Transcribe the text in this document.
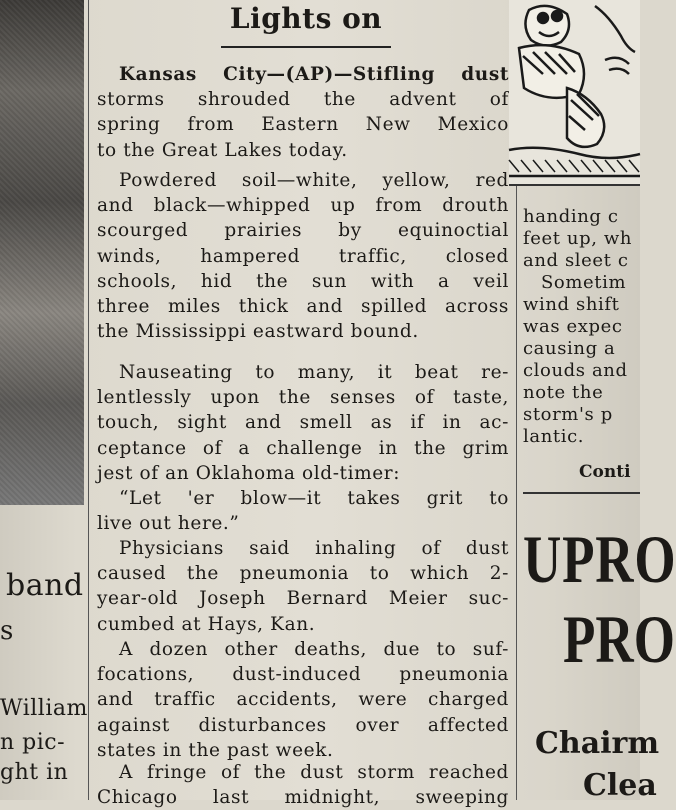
band
s
William
n pic-
ght in
Lights on
Kansas City—(AP)—Stifling dust
storms shrouded the advent of
spring from Eastern New Mexico
to the Great Lakes today.
Powdered soil—white, yellow, red
and black—whipped up from drouth
scourged prairies by equinoctial
winds, hampered traffic, closed
schools, hid the sun with a veil
three miles thick and spilled across
the Mississippi eastward bound.
Nauseating to many, it beat re-
lentlessly upon the senses of taste,
touch, sight and smell as if in ac-
ceptance of a challenge in the grim
jest of an Oklahoma old-timer:
“Let 'er blow—it takes grit to
live out here.”
Physicians said inhaling of dust
caused the pneumonia to which 2-
year-old Joseph Bernard Meier suc-
cumbed at Hays, Kan.
A dozen other deaths, due to suf-
focations, dust-induced pneumonia
and traffic accidents, were charged
against disturbances over affected
states in the past week.
A fringe of the dust storm reached
Chicago last midnight, sweeping
handing c
feet up, wh
and sleet c
Sometim
wind shift
was expec
causing a
clouds and
note the
storm's p
lantic.
Conti
UPRO
PRO
Chairm
Clea
